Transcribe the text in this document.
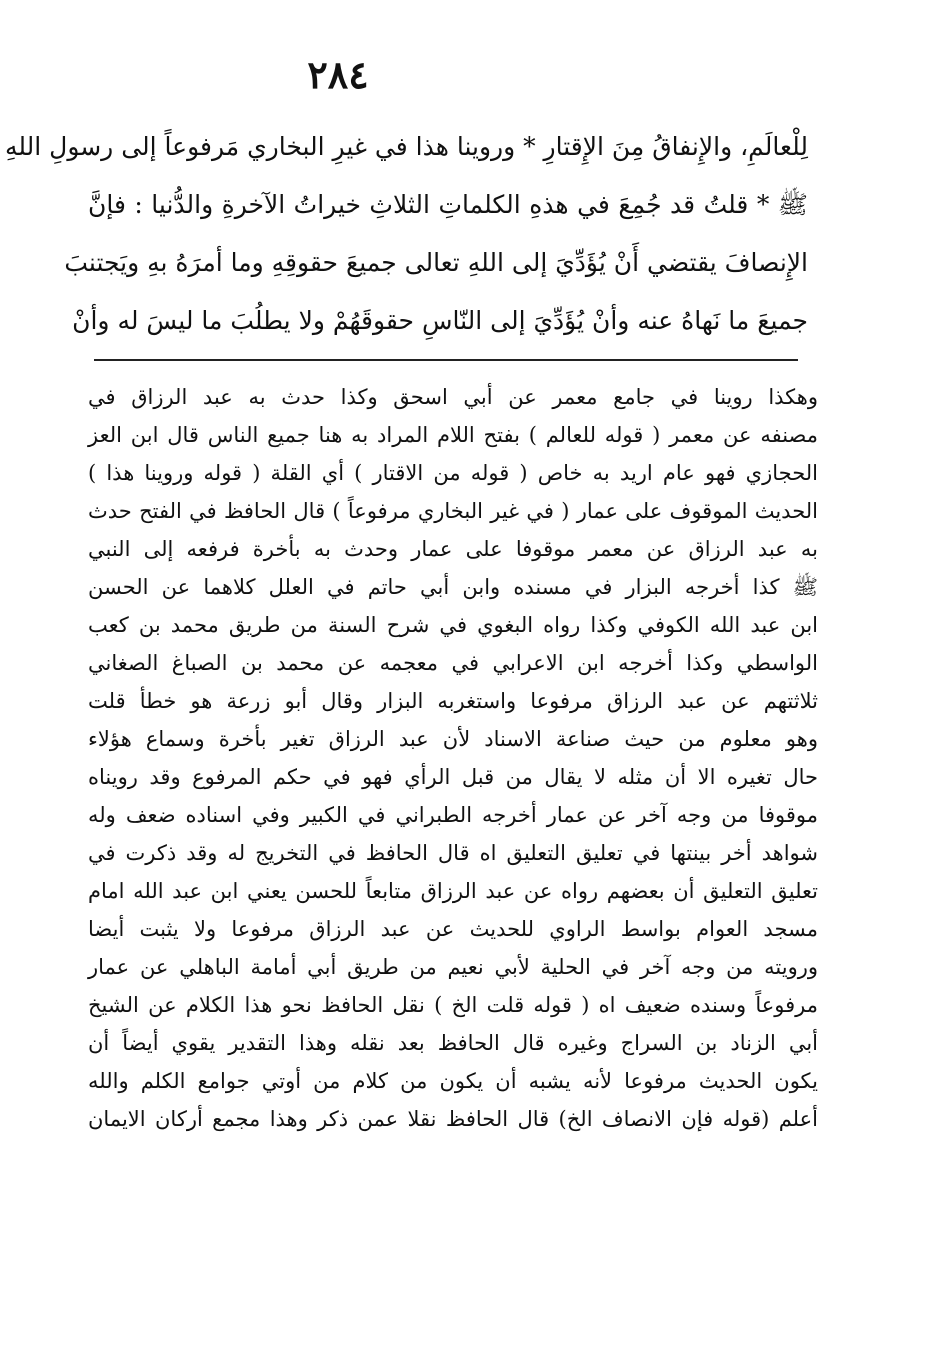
٢٨٤
لِلْعالَمِ، والإِنفاقُ مِنَ الإِقتارِ * وروينا هذا في غيرِ البخاري مَرفوعاً إلى رسولِ اللهِ
ﷺ * قلتُ قد جُمِعَ في هذهِ الكلماتِ الثلاثِ خيراتُ الآخرةِ والدُّنيا : فإنَّ
الإِنصافَ يقتضي أَنْ يُؤَدِّيَ إلى اللهِ تعالى جميعَ حقوقِهِ وما أمرَهُ بهِ ويَجتنبَ
جميعَ ما نَهاهُ عنه وأنْ يُؤَدِّيَ إلى النّاسِ حقوقَهُمْ ولا يطلُبَ ما ليسَ له وأنْ
وهكذا روينا في جامع معمر عن أبي اسحق وكذا حدث به عبد الرزاق في
مصنفه عن معمر ( قوله للعالم ) بفتح اللام المراد به هنا جميع الناس قال ابن العز
الحجازي فهو عام اريد به خاص ( قوله من الاقتار ) أي القلة ( قوله وروينا هذا )
الحديث الموقوف على عمار ( في غير البخاري مرفوعاً ) قال الحافظ في الفتح حدث
به عبد الرزاق عن معمر موقوفا على عمار وحدث به بأخرة فرفعه إلى النبي
ﷺ كذا أخرجه البزار في مسنده وابن أبي حاتم في العلل كلاهما عن الحسن
ابن عبد الله الكوفي وكذا رواه البغوي في شرح السنة من طريق محمد بن كعب
الواسطي وكذا أخرجه ابن الاعرابي في معجمه عن محمد بن الصباغ الصغاني
ثلاثتهم عن عبد الرزاق مرفوعا واستغربه البزار وقال أبو زرعة هو خطأ قلت
وهو معلوم من حيث صناعة الاسناد لأن عبد الرزاق تغير بأخرة وسماع هؤلاء
حال تغيره الا أن مثله لا يقال من قبل الرأي فهو في حكم المرفوع وقد رويناه
موقوفا من وجه آخر عن عمار أخرجه الطبراني في الكبير وفي اسناده ضعف وله
شواهد أخر بينتها في تعليق التعليق اه قال الحافظ في التخريج له وقد ذكرت في
تعليق التعليق أن بعضهم رواه عن عبد الرزاق متابعاً للحسن يعني ابن عبد الله امام
مسجد العوام بواسط الراوي للحديث عن عبد الرزاق مرفوعا ولا يثبت أيضا
ورويته من وجه آخر في الحلية لأبي نعيم من طريق أبي أمامة الباهلي عن عمار
مرفوعاً وسنده ضعيف اه ( قوله قلت الخ ) نقل الحافظ نحو هذا الكلام عن الشيخ
أبي الزناد بن السراج وغيره قال الحافظ بعد نقله وهذا التقدير يقوي أيضاً أن
يكون الحديث مرفوعا لأنه يشبه أن يكون من كلام من أوتي جوامع الكلم والله
أعلم (قوله فإن الانصاف الخ) قال الحافظ نقلا عمن ذكر وهذا مجمع أركان الايمان
